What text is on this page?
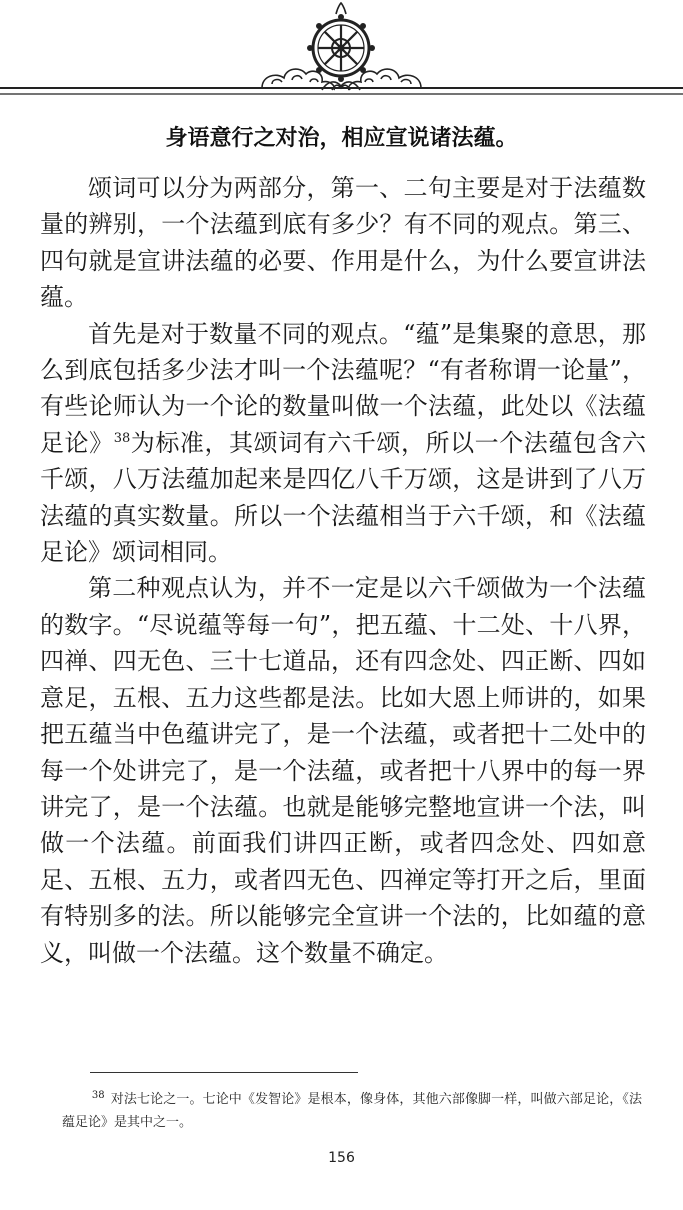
身语意行之对治，相应宣说诸法蕴。

颂词可以分为两部分，第一、二句主要是对于法蕴数量的辨别，一个法蕴到底有多少？有不同的观点。第三、四句就是宣讲法蕴的必要、作用是什么，为什么要宣讲法蕴。

首先是对于数量不同的观点。“蕴”是集聚的意思，那么到底包括多少法才叫一个法蕴呢？“有者称谓一论量”，有些论师认为一个论的数量叫做一个法蕴，此处以《法蕴足论》$^{38}$为标准，其颂词有六千颂，所以一个法蕴包含六千颂，八万法蕴加起来是四亿八千万颂，这是讲到了八万法蕴的真实数量。所以一个法蕴相当于六千颂，和《法蕴足论》颂词相同。

第二种观点认为，并不一定是以六千颂做为一个法蕴的数字。“尽说蕴等每一句”，把五蕴、十二处、十八界，四禅、四无色、三十七道品，还有四念处、四正断、四如意足，五根、五力这些都是法。比如大恩上师讲的，如果把五蕴当中色蕴讲完了，是一个法蕴，或者把十二处中的每一个处讲完了，是一个法蕴，或者把十八界中的每一界讲完了，是一个法蕴。也就是能够完整地宣讲一个法，叫做一个法蕴。前面我们讲四正断，或者四念处、四如意足、五根、五力，或者四无色、四禅定等打开之后，里面有特别多的法。所以能够完全宣讲一个法的，比如蕴的意义，叫做一个法蕴。这个数量不确定。

$^{38}$ 对法七论之一。七论中《发智论》是根本，像身体，其他六部像脚一样，叫做六部足论，《法蕴足论》是其中之一。

156
